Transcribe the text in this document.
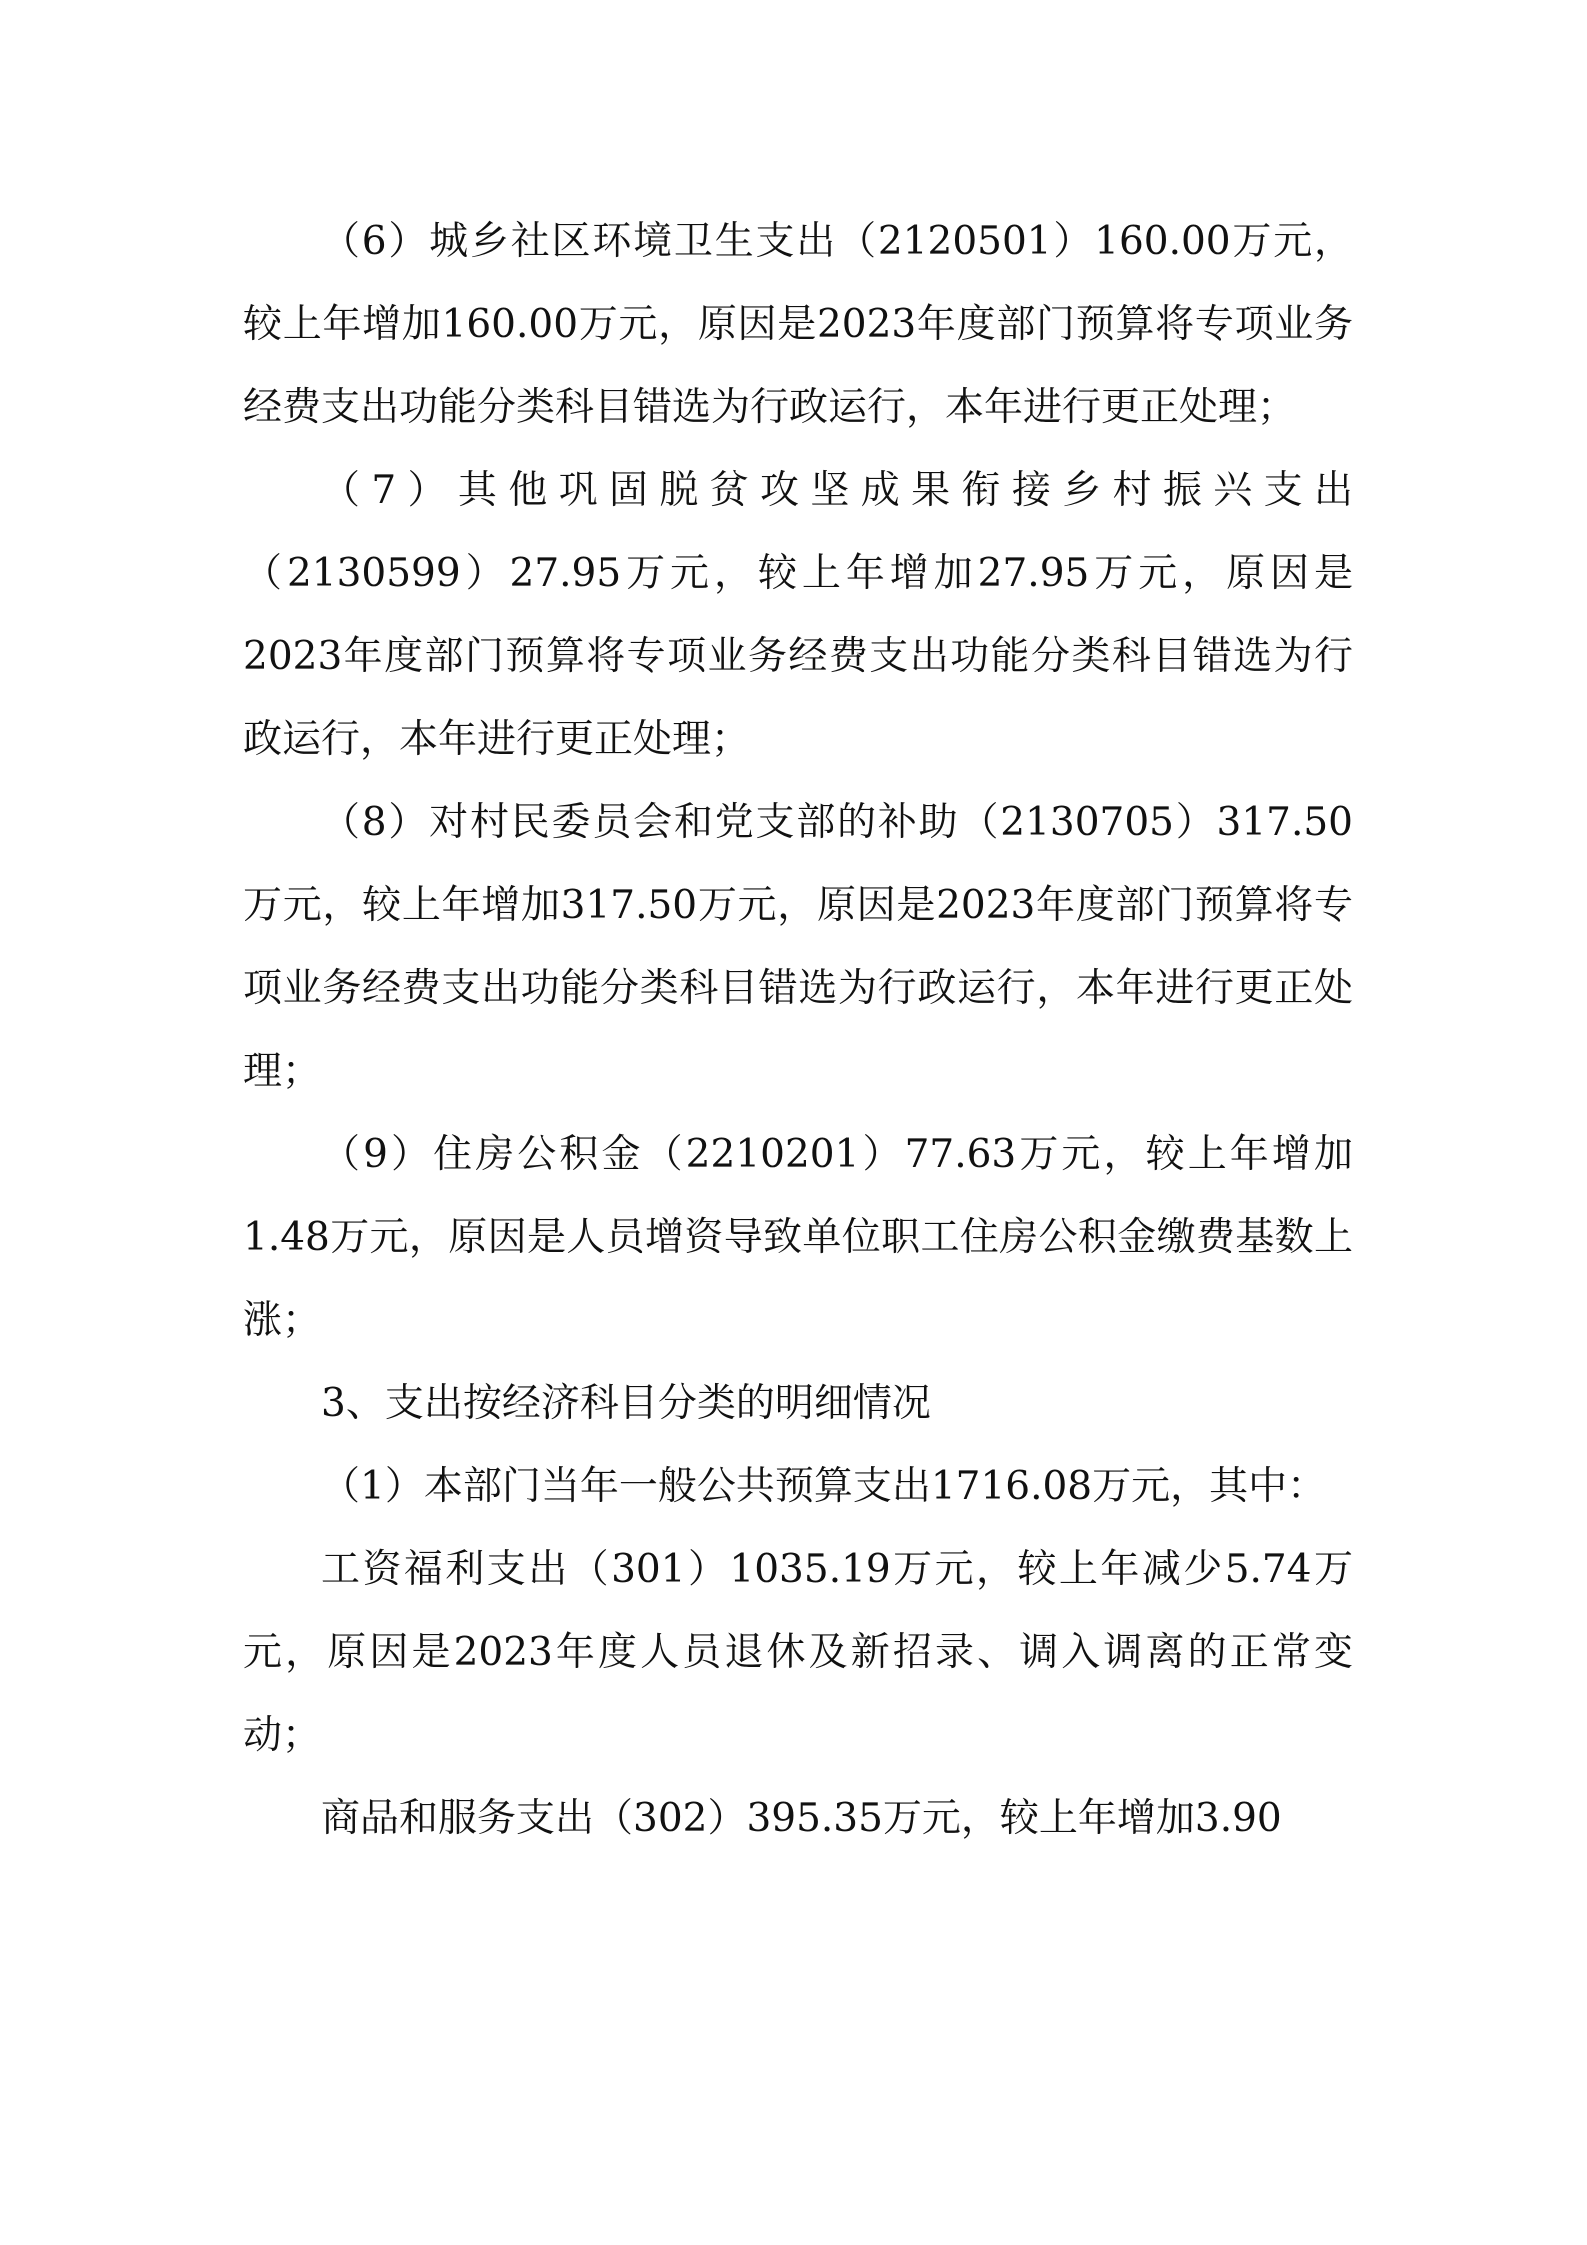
（6）城乡社区环境卫生支出（2120501）160.00万元，较上年增加160.00万元，原因是2023年度部门预算将专项业务经费支出功能分类科目错选为行政运行，本年进行更正处理；

（7）其他巩固脱贫攻坚成果衔接乡村振兴支出（2130599）27.95万元，较上年增加27.95万元，原因是2023年度部门预算将专项业务经费支出功能分类科目错选为行政运行，本年进行更正处理；

（8）对村民委员会和党支部的补助（2130705）317.50万元，较上年增加317.50万元，原因是2023年度部门预算将专项业务经费支出功能分类科目错选为行政运行，本年进行更正处理；

（9）住房公积金（2210201）77.63万元，较上年增加1.48万元，原因是人员增资导致单位职工住房公积金缴费基数上涨；

3、支出按经济科目分类的明细情况

（1）本部门当年一般公共预算支出1716.08万元，其中：

工资福利支出（301）1035.19万元，较上年减少5.74万元，原因是2023年度人员退休及新招录、调入调离的正常变动；

商品和服务支出（302）395.35万元，较上年增加3.90
